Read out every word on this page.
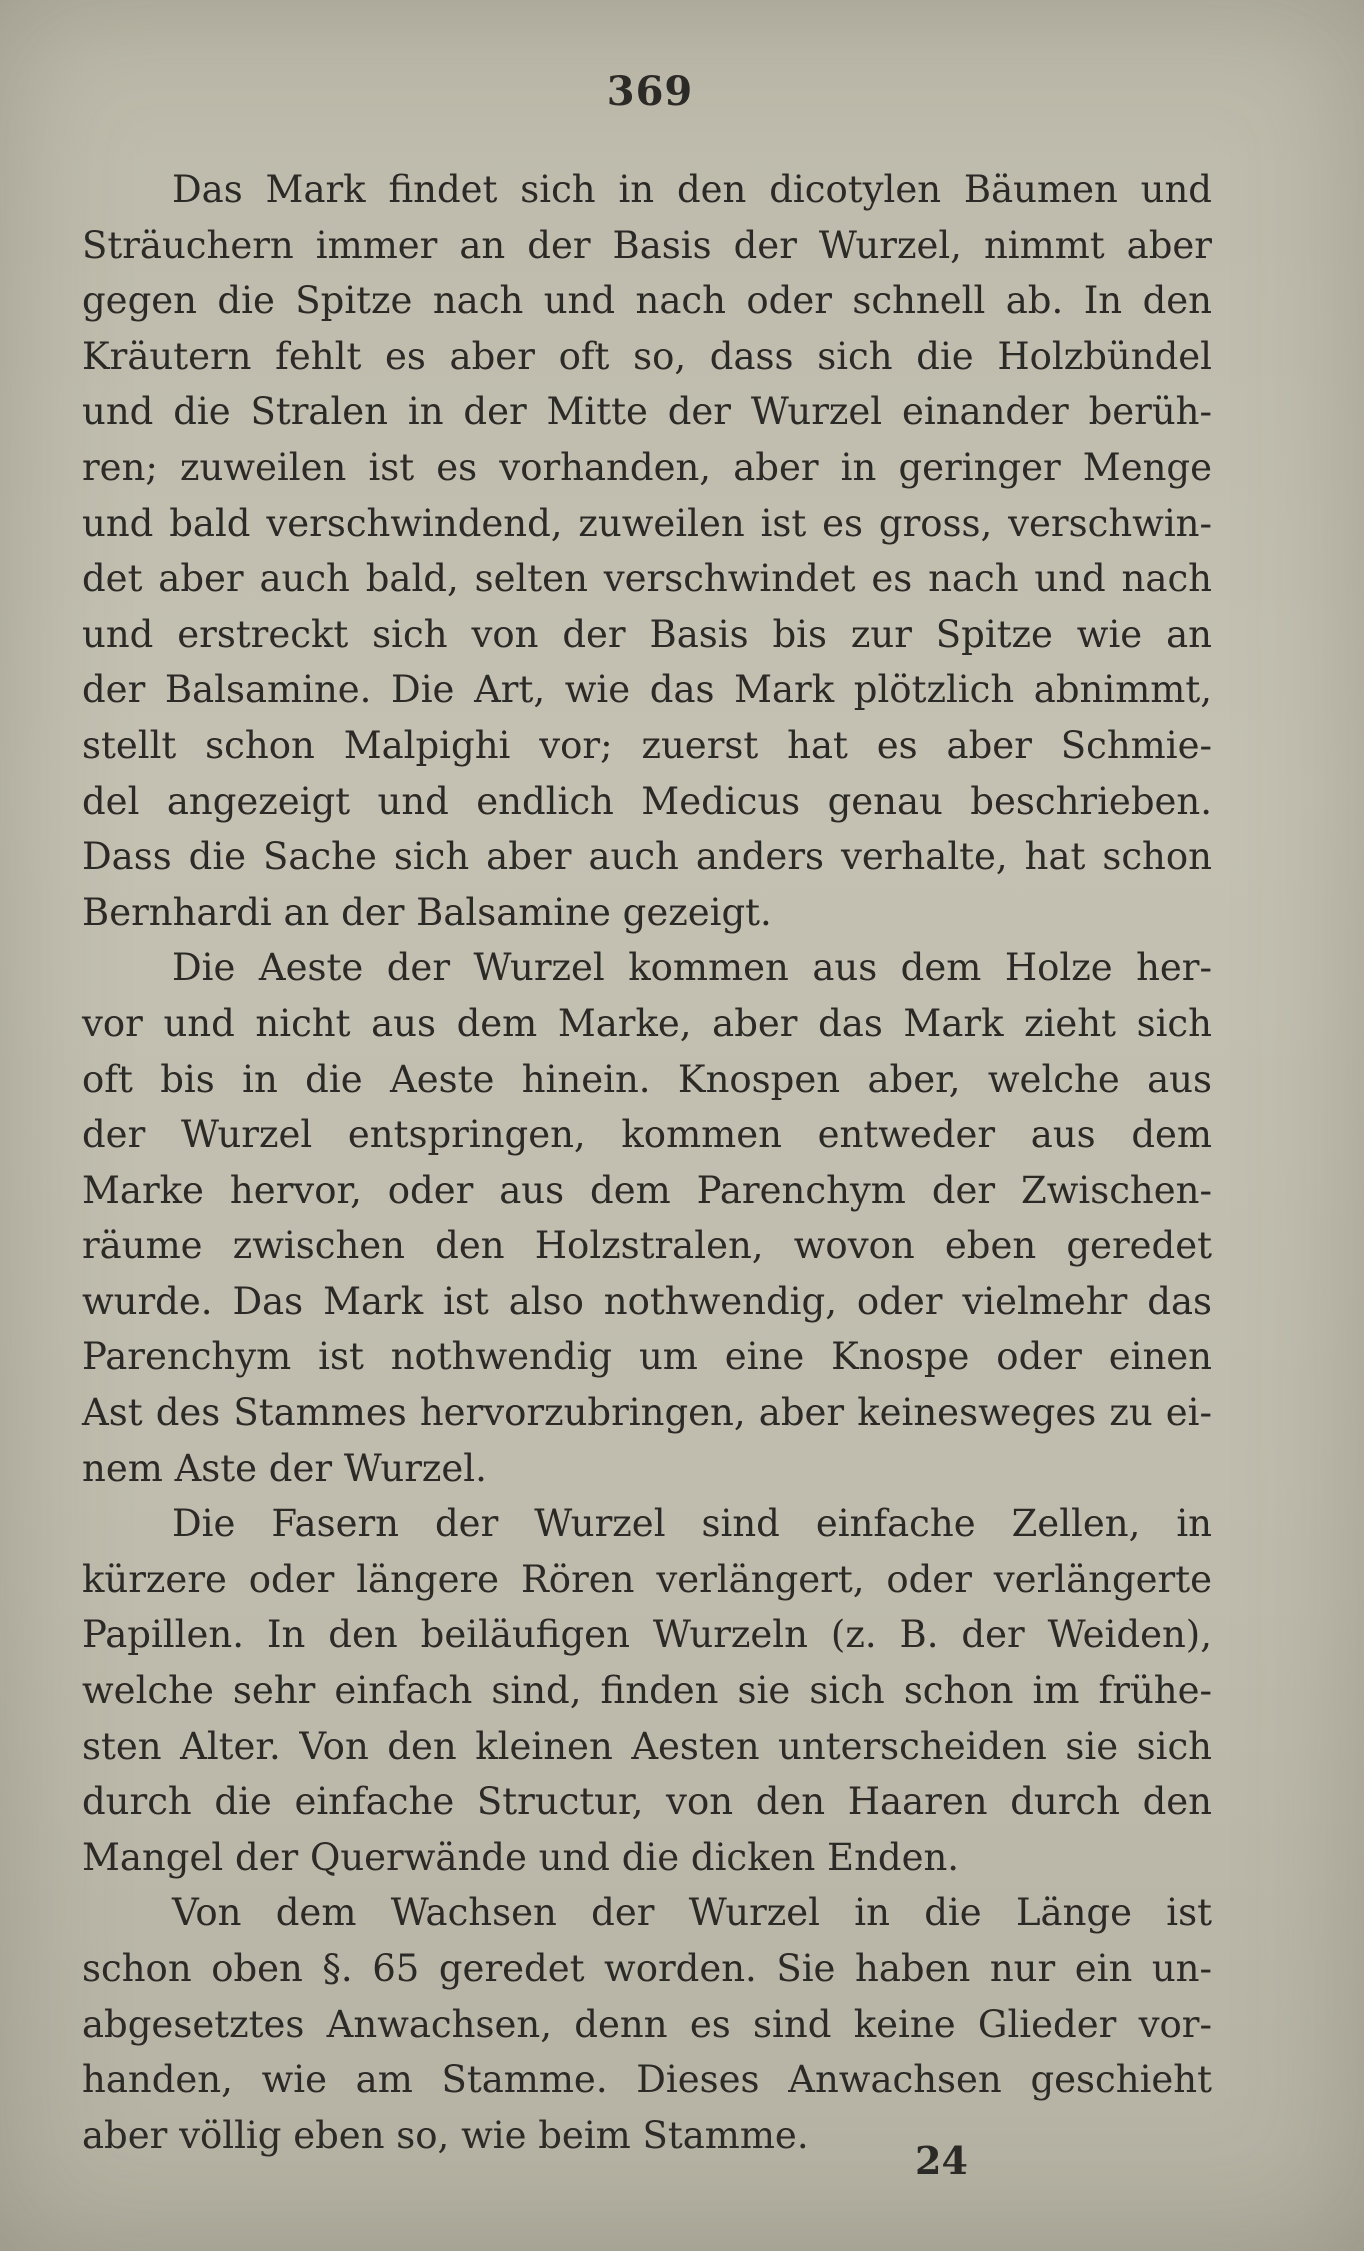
369

Das Mark findet sich in den dicotylen Bäumen und
Sträuchern immer an der Basis der Wurzel, nimmt aber
gegen die Spitze nach und nach oder schnell ab. In den
Kräutern fehlt es aber oft so, dass sich die Holzbündel
und die Stralen in der Mitte der Wurzel einander berüh-
ren; zuweilen ist es vorhanden, aber in geringer Menge
und bald verschwindend, zuweilen ist es gross, verschwin-
det aber auch bald, selten verschwindet es nach und nach
und erstreckt sich von der Basis bis zur Spitze wie an
der Balsamine. Die Art, wie das Mark plötzlich abnimmt,
stellt schon Malpighi vor; zuerst hat es aber Schmie-
del angezeigt und endlich Medicus genau beschrieben.
Dass die Sache sich aber auch anders verhalte, hat schon
Bernhardi an der Balsamine gezeigt.

Die Aeste der Wurzel kommen aus dem Holze her-
vor und nicht aus dem Marke, aber das Mark zieht sich
oft bis in die Aeste hinein. Knospen aber, welche aus
der Wurzel entspringen, kommen entweder aus dem
Marke hervor, oder aus dem Parenchym der Zwischen-
räume zwischen den Holzstralen, wovon eben geredet
wurde. Das Mark ist also nothwendig, oder vielmehr das
Parenchym ist nothwendig um eine Knospe oder einen
Ast des Stammes hervorzubringen, aber keinesweges zu ei-
nem Aste der Wurzel.

Die Fasern der Wurzel sind einfache Zellen, in
kürzere oder längere Rören verlängert, oder verlängerte
Papillen. In den beiläufigen Wurzeln (z. B. der Weiden),
welche sehr einfach sind, finden sie sich schon im frühe-
sten Alter. Von den kleinen Aesten unterscheiden sie sich
durch die einfache Structur, von den Haaren durch den
Mangel der Querwände und die dicken Enden.

Von dem Wachsen der Wurzel in die Länge ist
schon oben §. 65 geredet worden. Sie haben nur ein un-
abgesetztes Anwachsen, denn es sind keine Glieder vor-
handen, wie am Stamme. Dieses Anwachsen geschieht
aber völlig eben so, wie beim Stamme.

24
